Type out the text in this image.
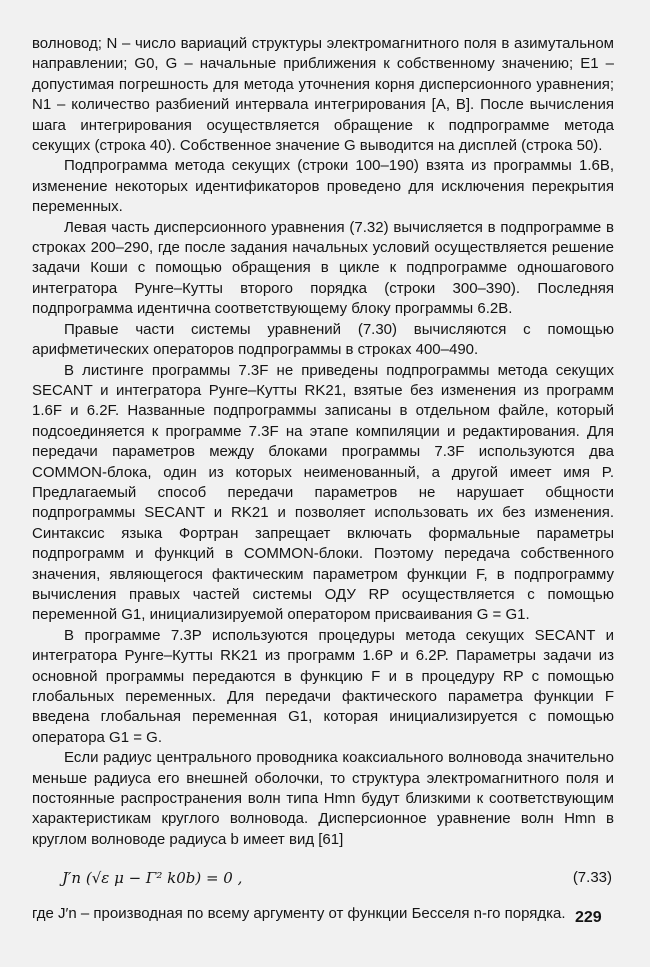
волновод; N – число вариаций структуры электромагнитного поля в азимутальном направлении; G0, G – начальные приближения к собственному значению; E1 – допустимая погрешность для метода уточнения корня дисперсионного уравнения; N1 – количество разбиений интервала интегрирования [A, B]. После вычисления шага интегрирования осуществляется обращение к подпрограмме метода секущих (строка 40). Собственное значение G выводится на дисплей (строка 50).

Подпрограмма метода секущих (строки 100–190) взята из программы 1.6В, изменение некоторых идентификаторов проведено для исключения перекрытия переменных.

Левая часть дисперсионного уравнения (7.32) вычисляется в подпрограмме в строках 200–290, где после задания начальных условий осуществляется решение задачи Коши с помощью обращения в цикле к подпрограмме одношагового интегратора Рунге–Кутты второго порядка (строки 300–390). Последняя подпрограмма идентична соответствующему блоку программы 6.2В.

Правые части системы уравнений (7.30) вычисляются с помощью арифметических операторов подпрограммы в строках 400–490.

В листинге программы 7.3F не приведены подпрограммы метода секущих SECANT и интегратора Рунге–Кутты RK21, взятые без изменения из программ 1.6F и 6.2F. Названные подпрограммы записаны в отдельном файле, который подсоединяется к программе 7.3F на этапе компиляции и редактирования. Для передачи параметров между блоками программы 7.3F используются два COMMON-блока, один из которых неименованный, а другой имеет имя P. Предлагаемый способ передачи параметров не нарушает общности подпрограммы SECANT и RK21 и позволяет использовать их без изменения. Синтаксис языка Фортран запрещает включать формальные параметры подпрограмм и функций в COMMON-блоки. Поэтому передача собственного значения, являющегося фактическим параметром функции F, в подпрограмму вычисления правых частей системы ОДУ RP осуществляется с помощью переменной G1, инициализируемой оператором присваивания G = G1.

В программе 7.3P используются процедуры метода секущих SECANT и интегратора Рунге–Кутты RK21 из программ 1.6P и 6.2P. Параметры задачи из основной программы передаются в функцию F и в процедуру RP с помощью глобальных переменных. Для передачи фактического параметра функции F введена глобальная переменная G1, которая инициализируется с помощью оператора G1 = G.

Если радиус центрального проводника коаксиального волновода значительно меньше радиуса его внешней оболочки, то структура электромагнитного поля и постоянные распространения волн типа Hmn будут близкими к соответствующим характеристикам круглого волновода. Дисперсионное уравнение волн Hmn в круглом волноводе радиуса b имеет вид [61]

J′n (√ε μ − Γ² k0b) = 0 ,	(7.33)

где J′n – производная по всему аргументу от функции Бесселя n-го порядка. 229
